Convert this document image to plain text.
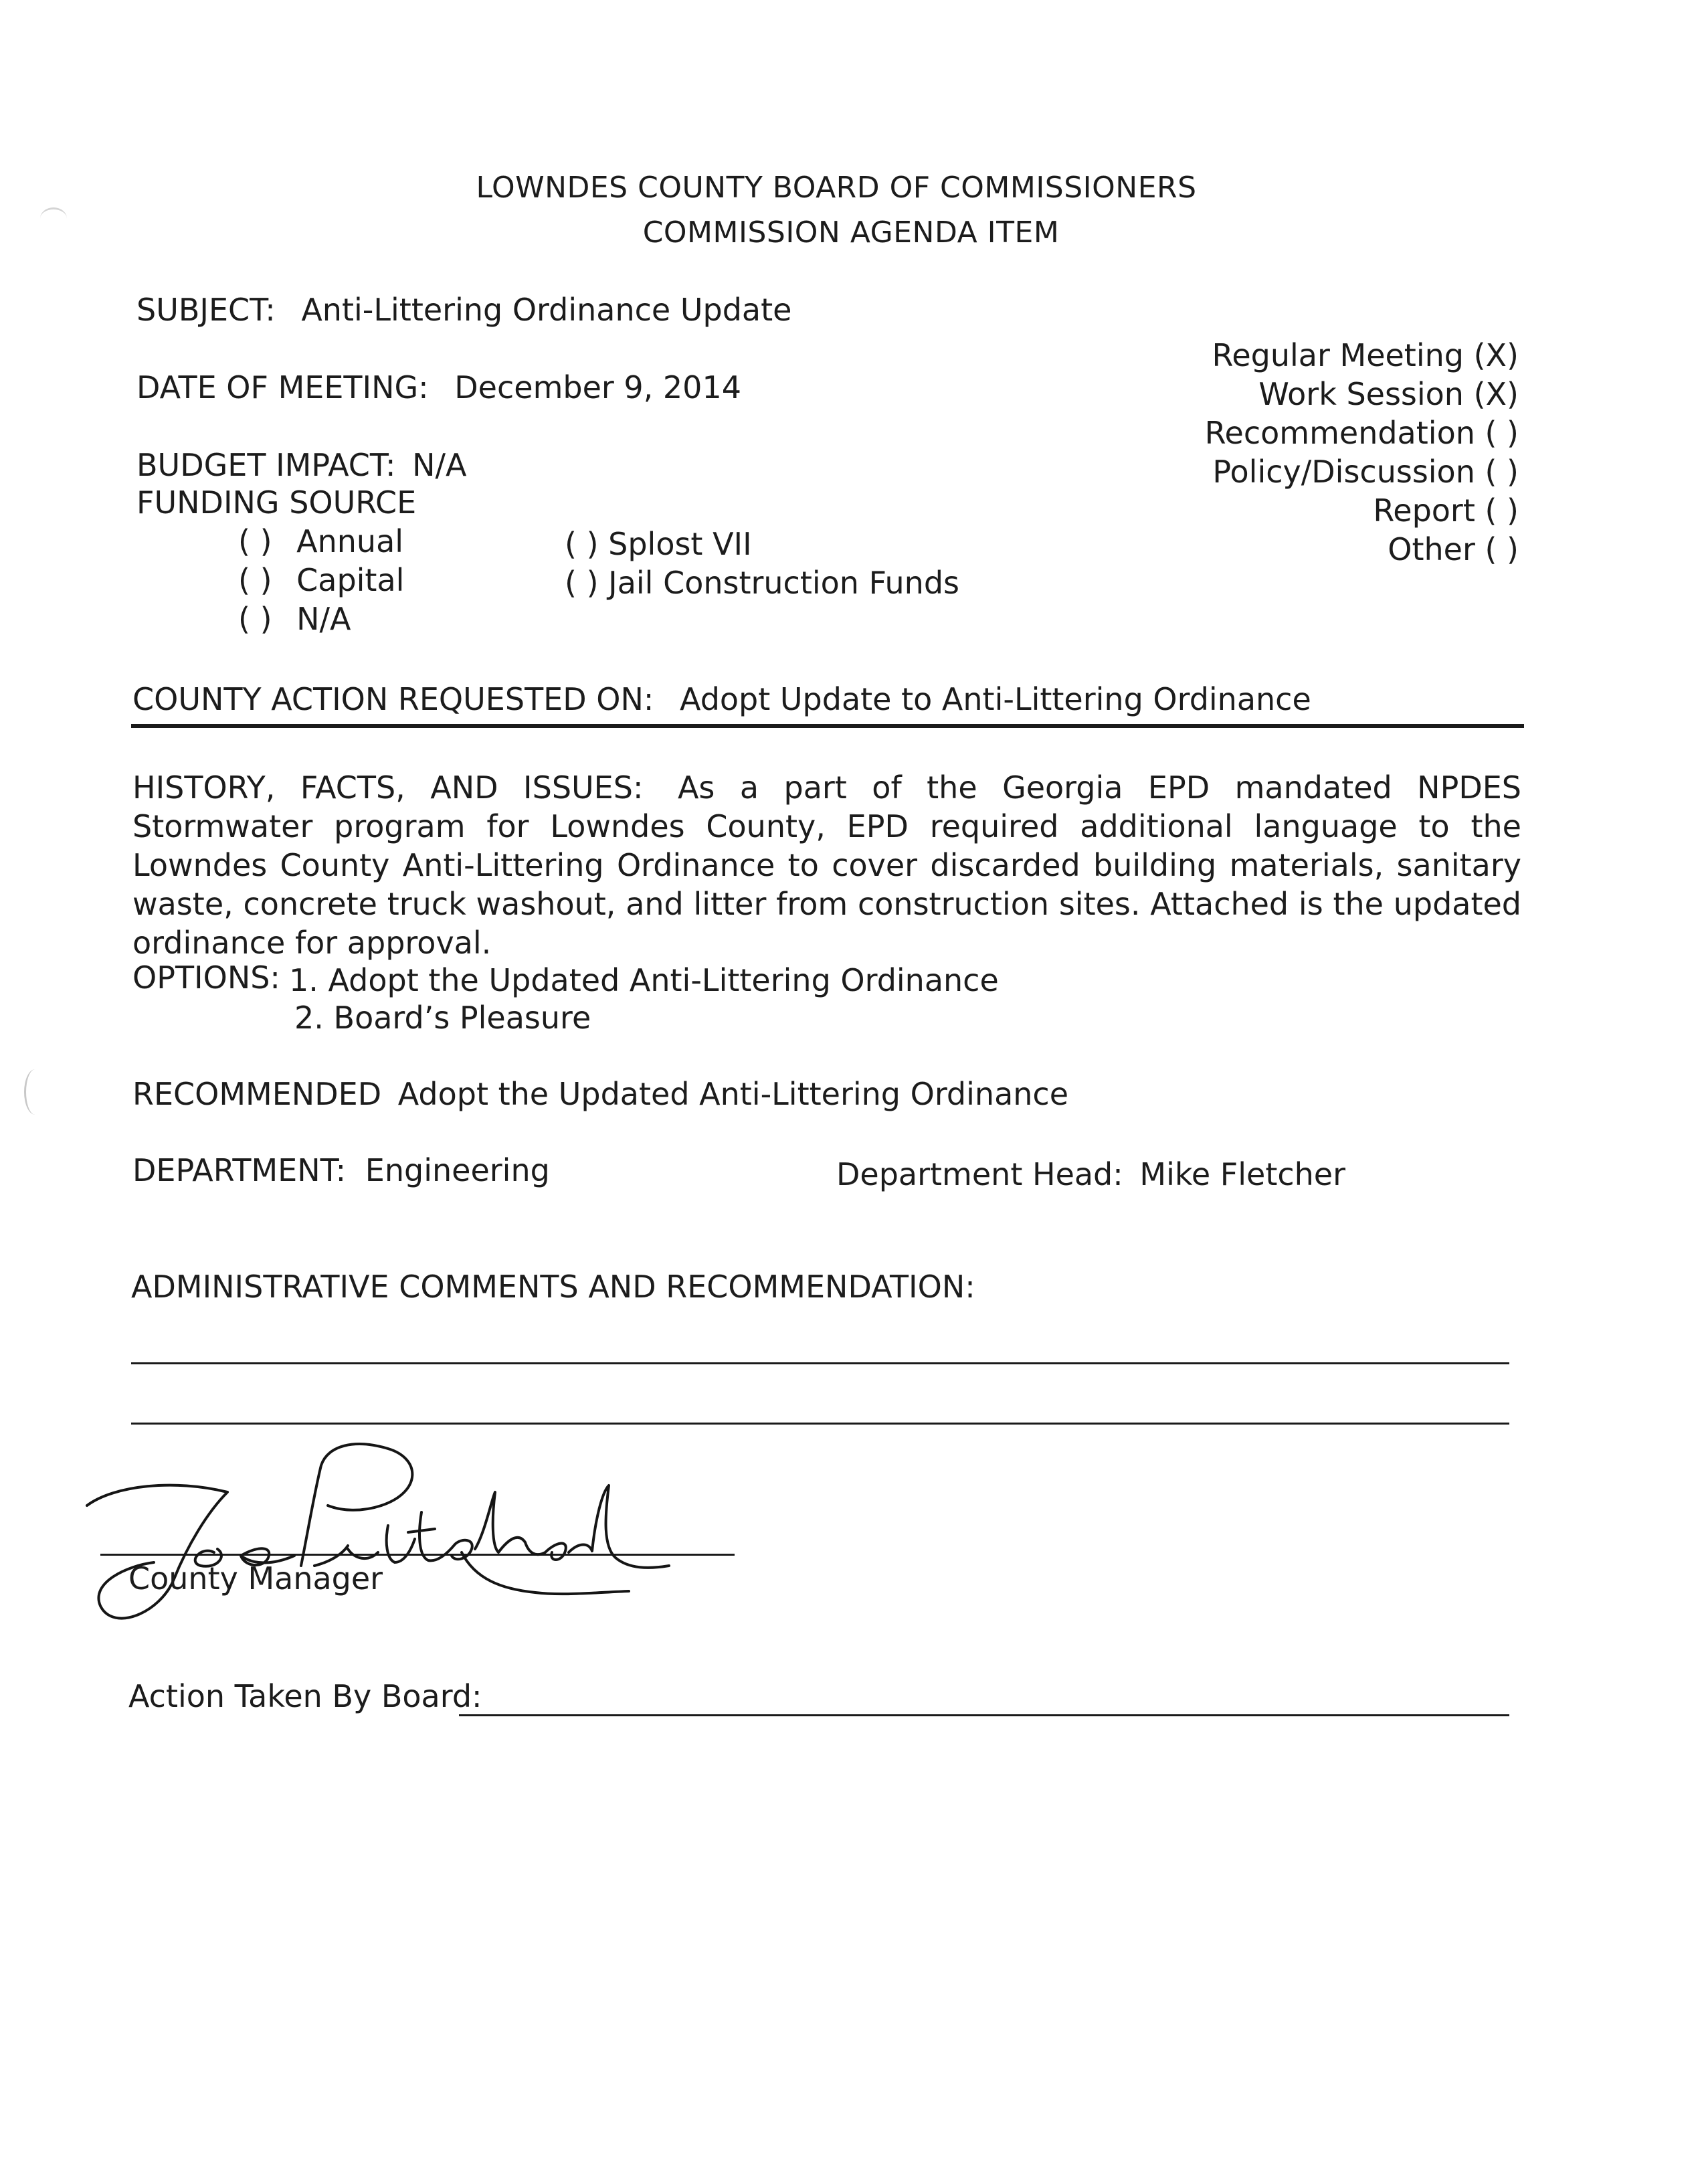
LOWNDES COUNTY BOARD OF COMMISSIONERS
COMMISSION AGENDA ITEM
SUBJECT: Anti-Littering Ordinance Update
DATE OF MEETING: December 9, 2014
Regular Meeting (X)
Work Session (X)
Recommendation ( )
Policy/Discussion ( )
Report ( )
Other ( )
BUDGET IMPACT: N/A
FUNDING SOURCE
( ) Annual
( ) Capital
( ) N/A
( ) Splost VII
( ) Jail Construction Funds
COUNTY ACTION REQUESTED ON: Adopt Update to Anti-Littering Ordinance
HISTORY, FACTS, AND ISSUES: As a part of the Georgia EPD mandated NPDES Stormwater program for Lowndes County, EPD required additional language to the Lowndes County Anti-Littering Ordinance to cover discarded building materials, sanitary waste, concrete truck washout, and litter from construction sites. Attached is the updated ordinance for approval.
OPTIONS: 1. Adopt the Updated Anti-Littering Ordinance
2. Board’s Pleasure
RECOMMENDED Adopt the Updated Anti-Littering Ordinance
DEPARTMENT: Engineering	Department Head: Mike Fletcher
ADMINISTRATIVE COMMENTS AND RECOMMENDATION:
County Manager
Action Taken By Board:
